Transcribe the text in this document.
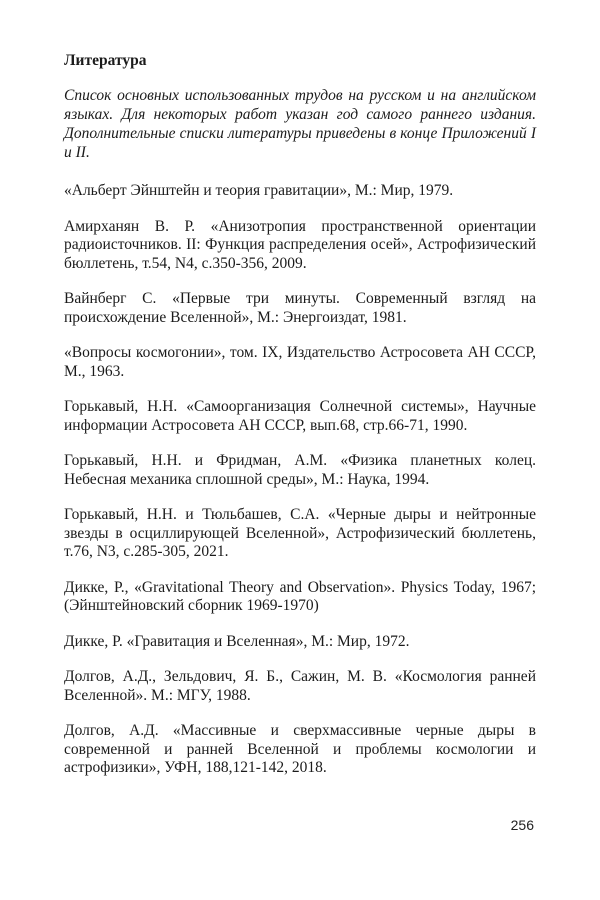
Литература

Список основных использованных трудов на русском и на английском языках. Для некоторых работ указан год самого раннего издания. Дополнительные списки литературы приведены в конце Приложений I и II.

«Альберт Эйнштейн и теория гравитации», М.: Мир, 1979.

Амирханян В. Р. «Анизотропия пространственной ориентации радиоисточников. II: Функция распределения осей», Астрофизический бюллетень, т.54, N4, с.350-356, 2009.

Вайнберг С. «Первые три минуты. Современный взгляд на происхождение Вселенной», М.: Энергоиздат, 1981.

«Вопросы космогонии», том. IX, Издательство Астросовета АН СССР, М., 1963.

Горькавый, Н.Н. «Самоорганизация Солнечной системы», Научные информации Астросовета АН СССР, вып.68, стр.66-71, 1990.

Горькавый, Н.Н. и Фридман, А.М. «Физика планетных колец. Небесная механика сплошной среды», М.: Наука, 1994.

Горькавый, Н.Н. и Тюльбашев, С.А. «Черные дыры и нейтронные звезды в осциллирующей Вселенной», Астрофизический бюллетень, т.76, N3, с.285-305, 2021.

Дикке, Р., «Gravitational Theory and Observation». Physics Today, 1967; (Эйнштейновский сборник 1969-1970)

Дикке, Р. «Гравитация и Вселенная», М.: Мир, 1972.

Долгов, А.Д., Зельдович, Я. Б., Сажин, М. В. «Космология ранней Вселенной». М.: МГУ, 1988.

Долгов, А.Д. «Массивные и сверхмассивные черные дыры в современной и ранней Вселенной и проблемы космологии и астрофизики», УФН, 188,121-142, 2018.

256
